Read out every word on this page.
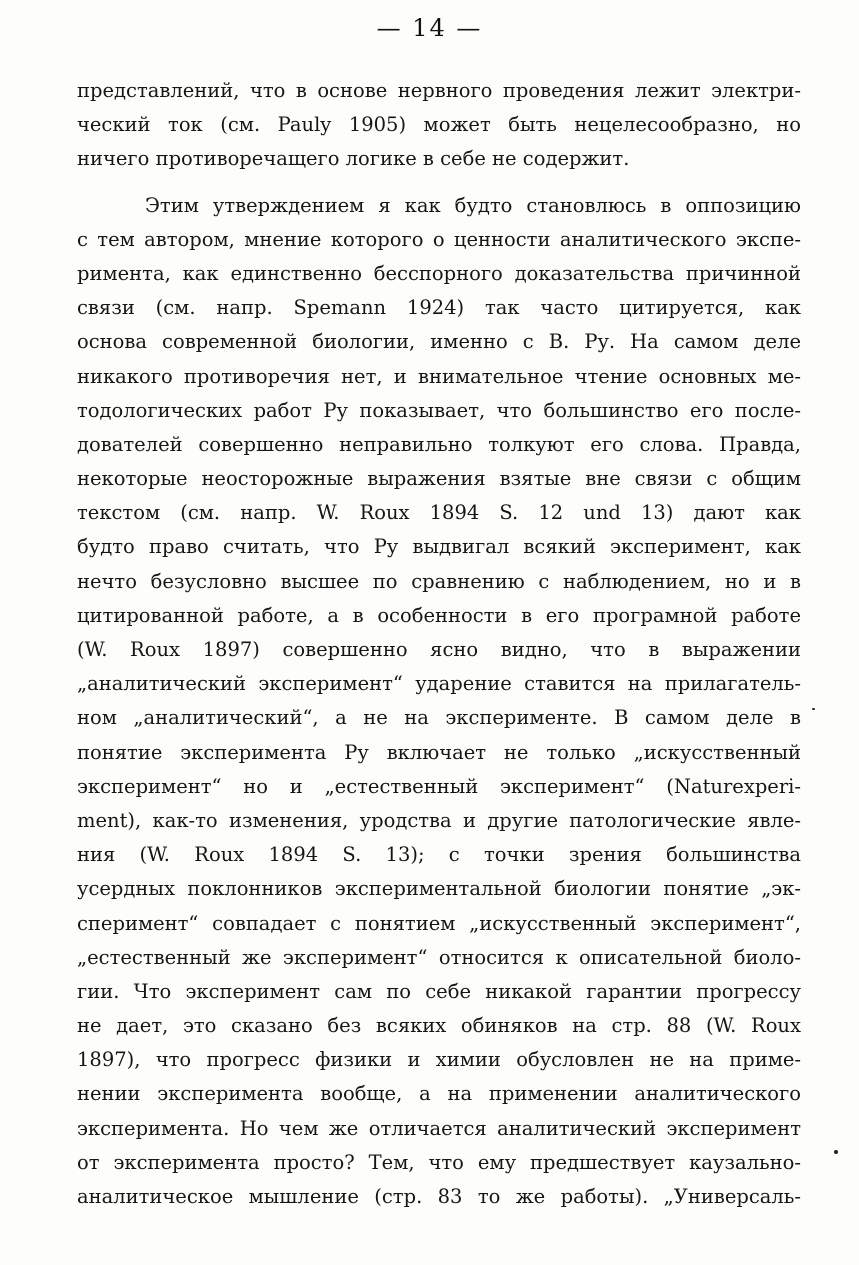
— 14 —
представлений, что в основе нервного проведения лежит электри-
ческий ток (см. Pauly 1905) может быть нецелесообразно, но
ничего противоречащего логике в себе не содержит.
Этим утверждением я как будто становлюсь в оппозицию
с тем автором, мнение которого о ценности аналитического экспе-
римента, как единственно бесспорного доказательства причинной
связи (см. напр. Spemann 1924) так часто цитируется, как
основа современной биологии, именно с В. Ру. На самом деле
никакого противоречия нет, и внимательное чтение основных ме-
тодологических работ Ру показывает, что большинство его после-
дователей совершенно неправильно толкуют его слова. Правда,
некоторые неосторожные выражения взятые вне связи с общим
текстом (см. напр. W. Roux 1894 S. 12 und 13) дают как
будто право считать, что Ру выдвигал всякий эксперимент, как
нечто безусловно высшее по сравнению с наблюдением, но и в
цитированной работе, а в особенности в его програмной работе
(W. Roux 1897) совершенно ясно видно, что в выражении
„аналитический эксперимент“ ударение ставится на прилагатель-
ном „аналитический“, а не на эксперименте. В самом деле в
понятие эксперимента Ру включает не только „искусственный
эксперимент“ но и „естественный эксперимент“ (Naturexperi-
ment), как-то изменения, уродства и другие патологические явле-
ния (W. Roux 1894 S. 13); с точки зрения большинства
усердных поклонников экспериментальной биологии понятие „эк-
сперимент“ совпадает с понятием „искусственный эксперимент“,
„естественный же эксперимент“ относится к описательной биоло-
гии. Что эксперимент сам по себе никакой гарантии прогрессу
не дает, это сказано без всяких обиняков на стр. 88 (W. Roux
1897), что прогресс физики и химии обусловлен не на приме-
нении эксперимента вообще, а на применении аналитического
эксперимента. Но чем же отличается аналитический эксперимент
от эксперимента просто? Тем, что ему предшествует каузально-
аналитическое мышление (стр. 83 то же работы). „Универсаль-
